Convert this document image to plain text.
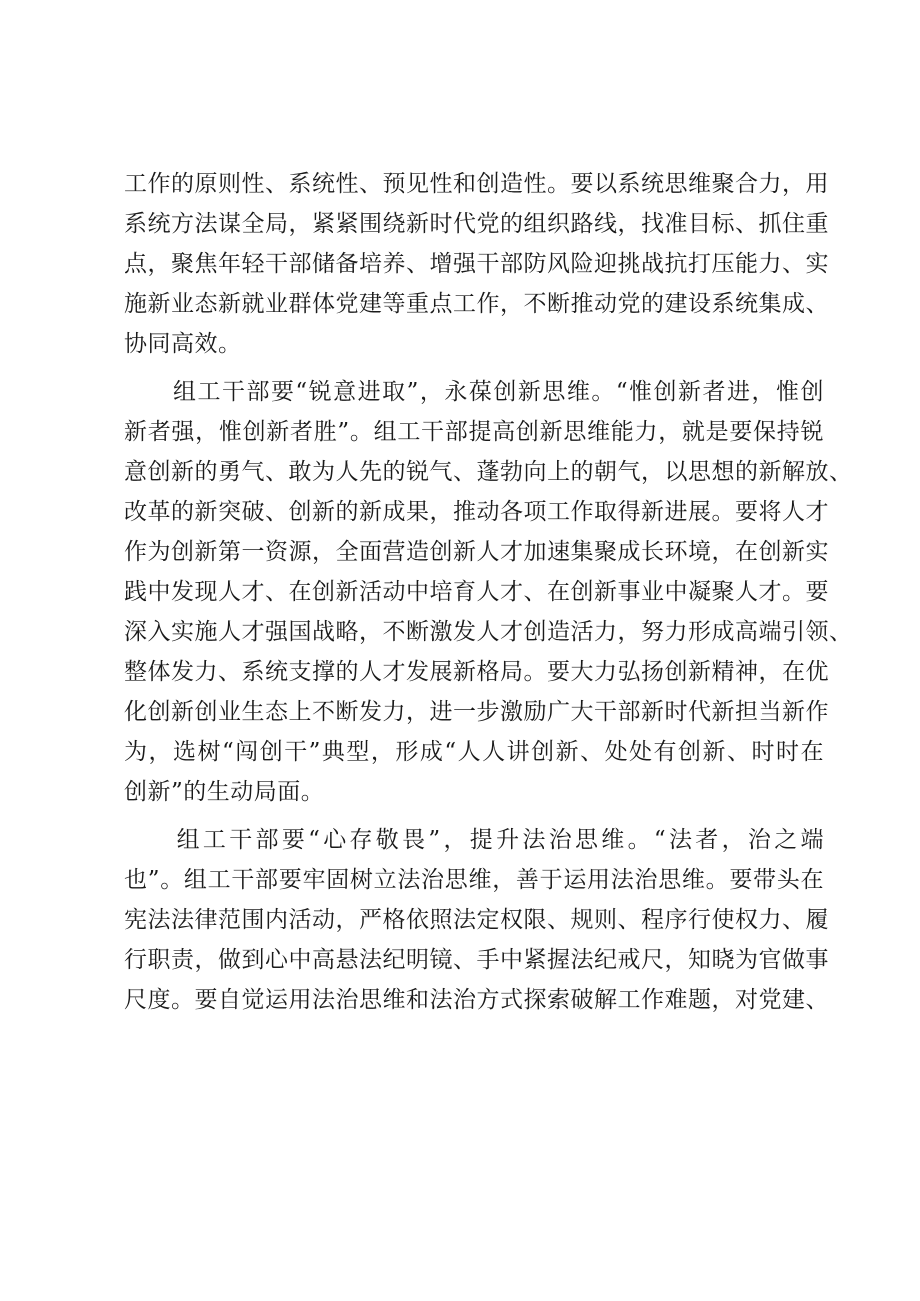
工作的原则性、系统性、预见性和创造性。要以系统思维聚合力，用
系统方法谋全局，紧紧围绕新时代党的组织路线，找准目标、抓住重
点，聚焦年轻干部储备培养、增强干部防风险迎挑战抗打压能力、实
施新业态新就业群体党建等重点工作，不断推动党的建设系统集成、
协同高效。
　　组工干部要“锐意进取”，永葆创新思维。“惟创新者进，惟创
新者强，惟创新者胜”。组工干部提高创新思维能力，就是要保持锐
意创新的勇气、敢为人先的锐气、蓬勃向上的朝气，以思想的新解放、
改革的新突破、创新的新成果，推动各项工作取得新进展。要将人才
作为创新第一资源，全面营造创新人才加速集聚成长环境，在创新实
践中发现人才、在创新活动中培育人才、在创新事业中凝聚人才。要
深入实施人才强国战略，不断激发人才创造活力，努力形成高端引领、
整体发力、系统支撑的人才发展新格局。要大力弘扬创新精神，在优
化创新创业生态上不断发力，进一步激励广大干部新时代新担当新作
为，选树“闯创干”典型，形成“人人讲创新、处处有创新、时时在
创新”的生动局面。
　　组工干部要“心存敬畏”，提升法治思维。“法者，治之端
也”。组工干部要牢固树立法治思维，善于运用法治思维。要带头在
宪法法律范围内活动，严格依照法定权限、规则、程序行使权力、履
行职责，做到心中高悬法纪明镜、手中紧握法纪戒尺，知晓为官做事
尺度。要自觉运用法治思维和法治方式探索破解工作难题，对党建、
